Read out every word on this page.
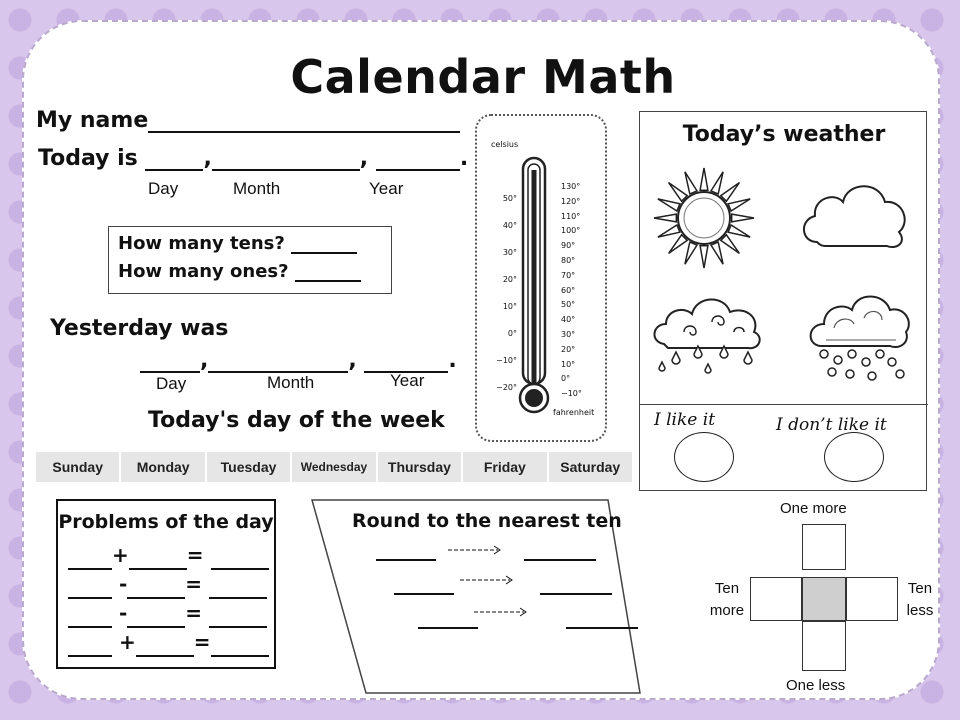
Calendar Math
My name
Today is	,	,	.
Day	Month	Year
How many tens?
How many ones?
Yesterday was
,	,	.
Day	Month	Year
Today's day of the week
Sunday	Monday	Tuesday	Wednesday	Thursday	Friday	Saturday
celsius
fahrenheit
50°
40°
30°
20°
10°
0°
−10°
−20°
130°
120°
110°
100°
90°
80°
70°
60°
50°
40°
30°
20°
10°
0°
−10°
Today’s weather
I like it	I don’t like it
Problems of the day
+	=
-	=
-	=
+	=
Round to the nearest ten
One more
One less
Ten more
Ten less
